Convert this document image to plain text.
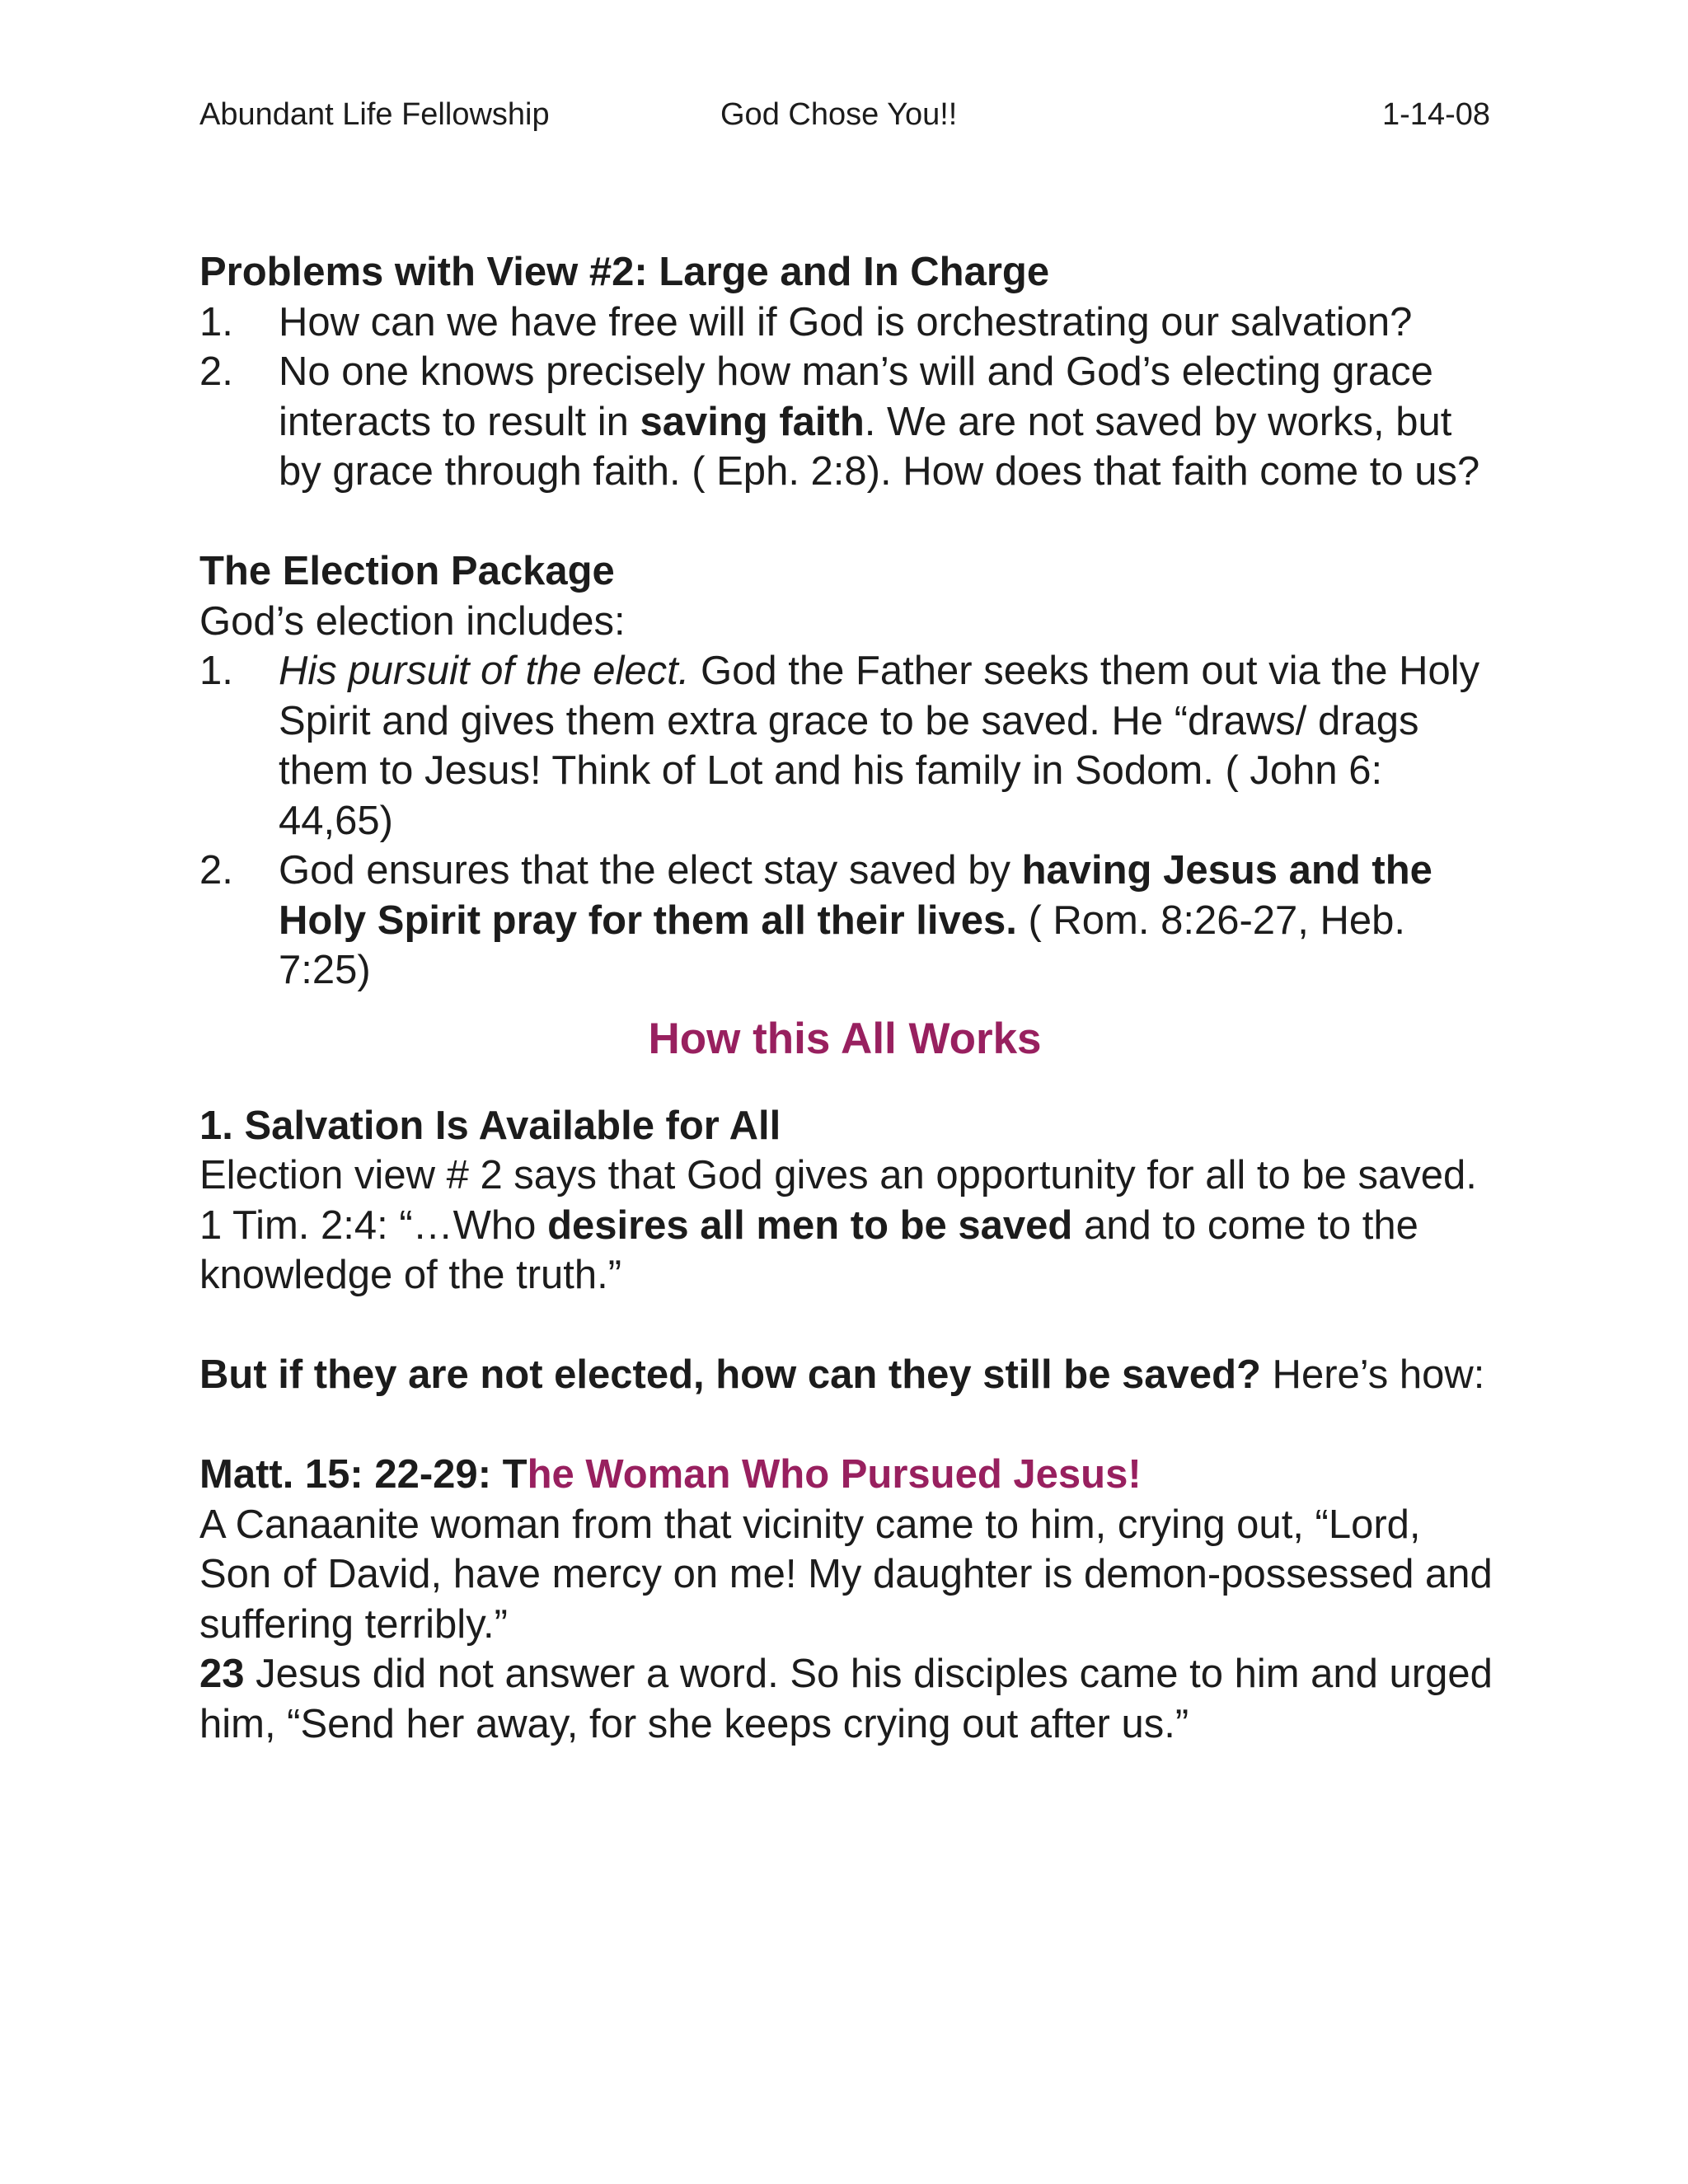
Abundant Life Fellowship	God Chose You!!	1-14-08
Problems with View #2: Large and In Charge
1. How can we have free will if God is orchestrating our salvation?
2. No one knows precisely how man’s will and God’s electing grace interacts to result in saving faith. We are not saved by works, but by grace through faith. ( Eph. 2:8). How does that faith come to us?
The Election Package

God’s election includes:

1. His pursuit of the elect. God the Father seeks them out via the Holy Spirit and gives them extra grace to be saved. He “draws/ drags them to Jesus! Think of Lot and his family in Sodom. ( John 6: 44,65)
2. God ensures that the elect stay saved by having Jesus and the Holy Spirit pray for them all their lives. ( Rom. 8:26-27, Heb. 7:25)
How this All Works
1. Salvation Is Available for All

Election view # 2 says that God gives an opportunity for all to be saved.

1 Tim. 2:4: “…Who desires all men to be saved and to come to the knowledge of the truth.”

But if they are not elected, how can they still be saved? Here’s how:

Matt. 15: 22-29: The Woman Who Pursued Jesus!

A Canaanite woman from that vicinity came to him, crying out, “Lord, Son of David, have mercy on me! My daughter is demon-possessed and suffering terribly.”

23 Jesus did not answer a word. So his disciples came to him and urged him, “Send her away, for she keeps crying out after us.”
